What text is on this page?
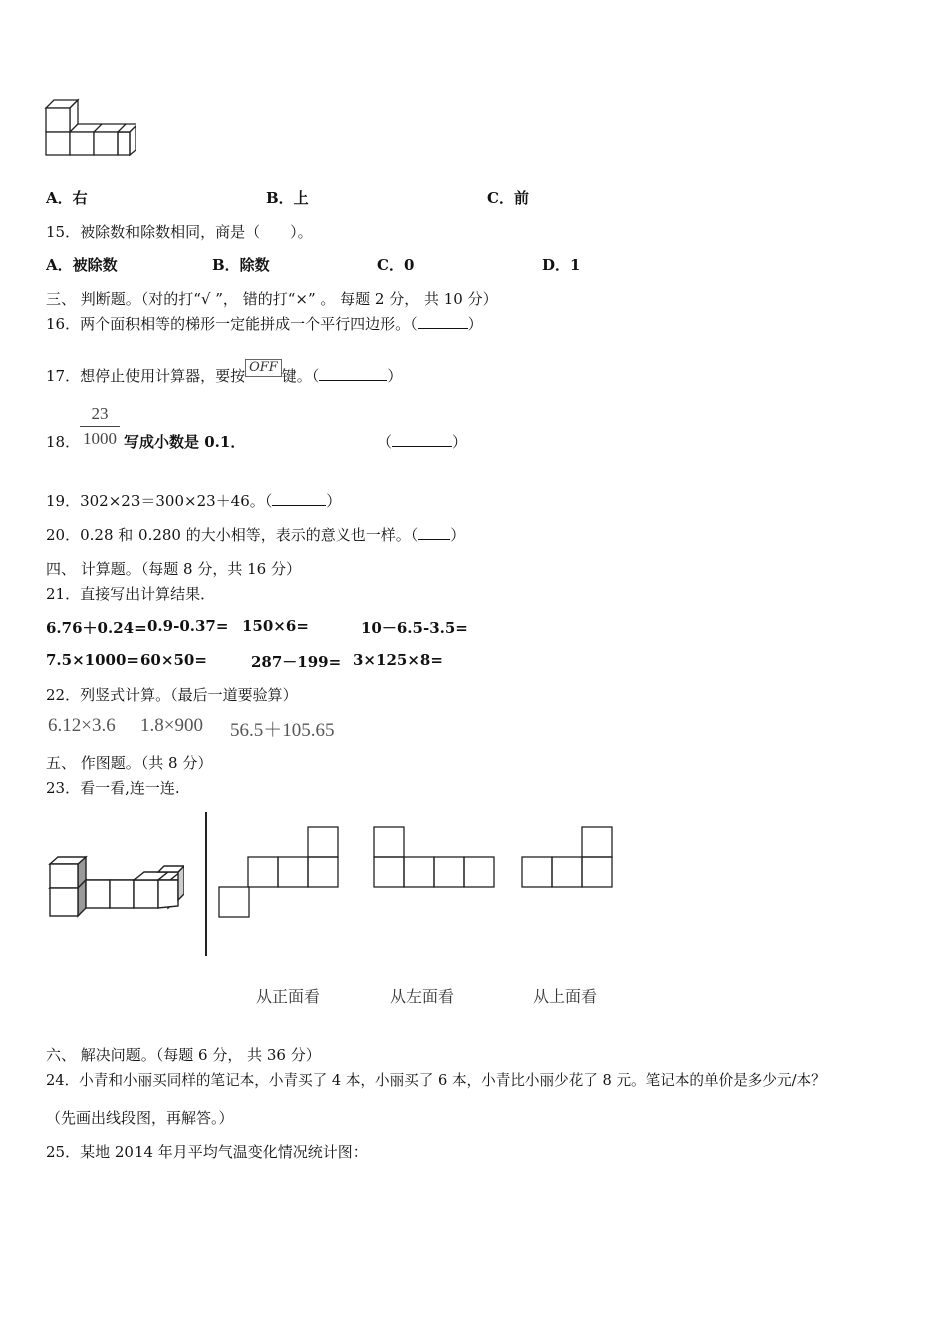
A．右	B．上	C．前
15．被除数和除数相同，商是（　　）。
A．被除数	B．除数	C．0	D．1
三、 判断题。（对的打“√ ”， 错的打“×” 。 每题 2 分， 共 10 分）
16．两个面积相等的梯形一定能拼成一个平行四边形。（	）
17．想停止使用计算器，要按 OFF 键。（	）
18．
23
1000 写成小数是 0.1．	（	）
19．302×23＝300×23＋46。（	）
20．0.28 和 0.280 的大小相等，表示的意义也一样。（ ）
四、 计算题。（每题 8 分，共 16 分）
21．直接写出计算结果．
6.76＋0.24= 0.9-0.37= 150×6=	10－6.5-3.5=
7.5×1000= 60×50=	287－199= 3×125×8=
22．列竖式计算。（最后一道要验算）
6.12×3.6 1.8×900 56.5＋105.65
五、 作图题。（共 8 分）
23．看一看,连一连.
从正面看	从左面看	从上面看
六、 解决问题。（每题 6 分， 共 36 分）
24．小青和小丽买同样的笔记本，小青买了 4 本，小丽买了 6 本，小青比小丽少花了 8 元。笔记本的单价是多少元/本？
（先画出线段图，再解答。）
25．某地 2014 年月平均气温变化情况统计图：
